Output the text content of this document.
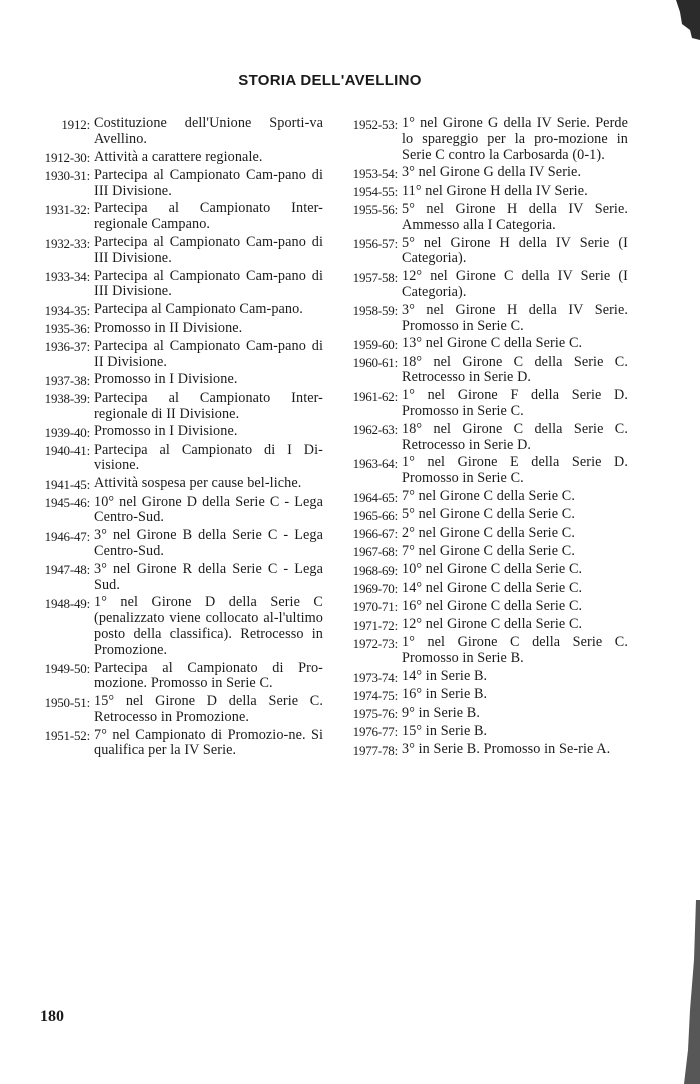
STORIA DELL'AVELLINO
1912: Costituzione dell'Unione Sporti-va Avellino.
1912-30: Attività a carattere regionale.
1930-31: Partecipa al Campionato Cam-pano di III Divisione.
1931-32: Partecipa al Campionato Inter-regionale Campano.
1932-33: Partecipa al Campionato Cam-pano di III Divisione.
1933-34: Partecipa al Campionato Cam-pano di III Divisione.
1934-35: Partecipa al Campionato Cam-pano.
1935-36: Promosso in II Divisione.
1936-37: Partecipa al Campionato Cam-pano di II Divisione.
1937-38: Promosso in I Divisione.
1938-39: Partecipa al Campionato Inter-regionale di II Divisione.
1939-40: Promosso in I Divisione.
1940-41: Partecipa al Campionato di I Di-visione.
1941-45: Attività sospesa per cause bel-liche.
1945-46: 10° nel Girone D della Serie C - Lega Centro-Sud.
1946-47: 3° nel Girone B della Serie C - Lega Centro-Sud.
1947-48: 3° nel Girone R della Serie C - Lega Sud.
1948-49: 1° nel Girone D della Serie C (penalizzato viene collocato al-l'ultimo posto della classifica). Retrocesso in Promozione.
1949-50: Partecipa al Campionato di Pro-mozione. Promosso in Serie C.
1950-51: 15° nel Girone D della Serie C. Retrocesso in Promozione.
1951-52: 7° nel Campionato di Promozio-ne. Si qualifica per la IV Serie.
1952-53: 1° nel Girone G della IV Serie. Perde lo spareggio per la pro-mozione in Serie C contro la Carbosarda (0-1).
1953-54: 3° nel Girone G della IV Serie.
1954-55: 11° nel Girone H della IV Serie.
1955-56: 5° nel Girone H della IV Serie. Ammesso alla I Categoria.
1956-57: 5° nel Girone H della IV Serie (I Categoria).
1957-58: 12° nel Girone C della IV Serie (I Categoria).
1958-59: 3° nel Girone H della IV Serie. Promosso in Serie C.
1959-60: 13° nel Girone C della Serie C.
1960-61: 18° nel Girone C della Serie C. Retrocesso in Serie D.
1961-62: 1° nel Girone F della Serie D. Promosso in Serie C.
1962-63: 18° nel Girone C della Serie C. Retrocesso in Serie D.
1963-64: 1° nel Girone E della Serie D. Promosso in Serie C.
1964-65: 7° nel Girone C della Serie C.
1965-66: 5° nel Girone C della Serie C.
1966-67: 2° nel Girone C della Serie C.
1967-68: 7° nel Girone C della Serie C.
1968-69: 10° nel Girone C della Serie C.
1969-70: 14° nel Girone C della Serie C.
1970-71: 16° nel Girone C della Serie C.
1971-72: 12° nel Girone C della Serie C.
1972-73: 1° nel Girone C della Serie C. Promosso in Serie B.
1973-74: 14° in Serie B.
1974-75: 16° in Serie B.
1975-76: 9° in Serie B.
1976-77: 15° in Serie B.
1977-78: 3° in Serie B. Promosso in Se-rie A.
180
